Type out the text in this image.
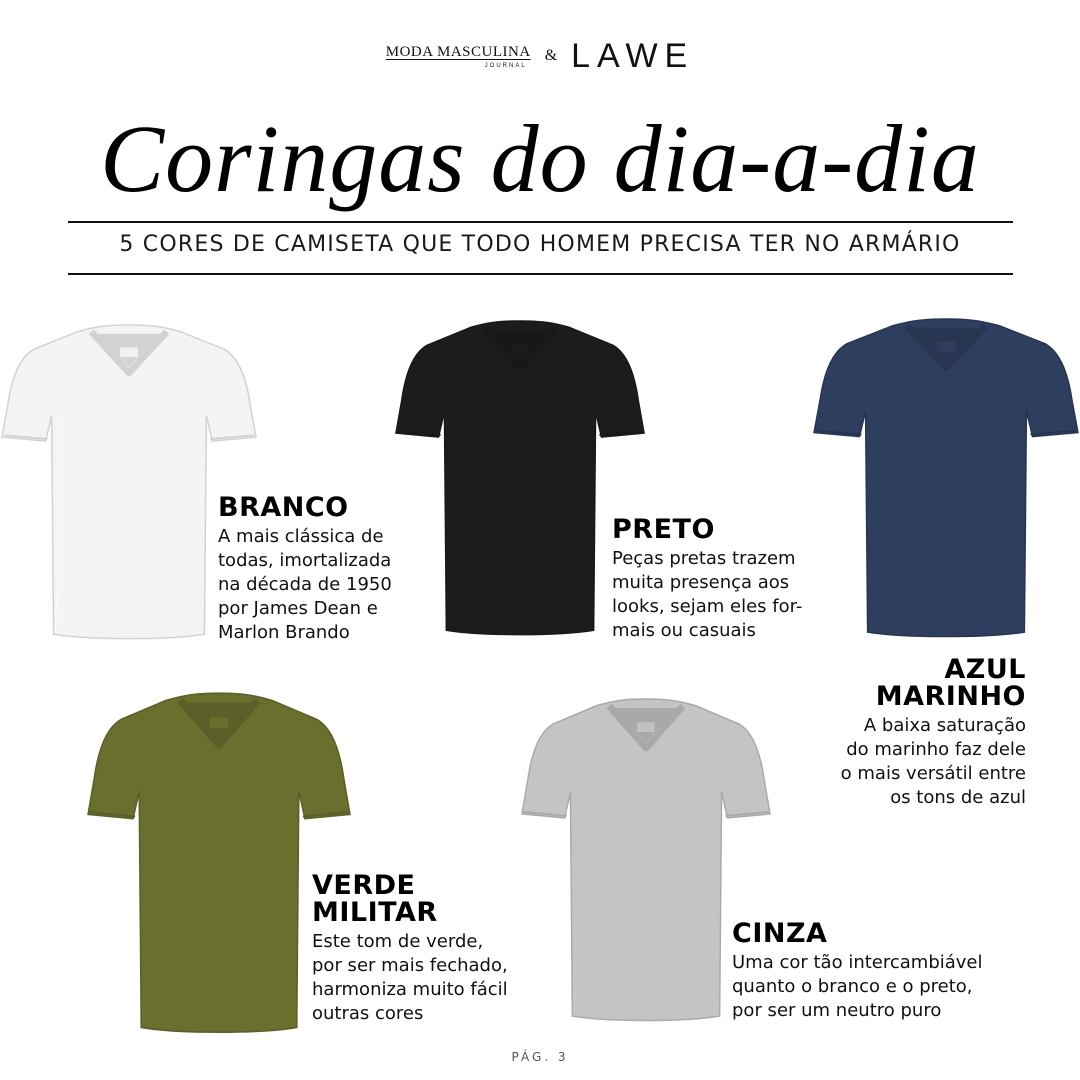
MODA MASCULINA
JOURNAL
& LAWE
Coringas do dia-a-dia
5 CORES DE CAMISETA QUE TODO HOMEM PRECISA TER NO ARMÁRIO
BRANCO
A mais clássica de
todas, imortalizada
na década de 1950
por James Dean e
Marlon Brando
PRETO
Peças pretas trazem
muita presença aos
looks, sejam eles for-
mais ou casuais
AZUL
MARINHO
A baixa saturação
do marinho faz dele
o mais versátil entre
os tons de azul
VERDE
MILITAR
Este tom de verde,
por ser mais fechado,
harmoniza muito fácil
outras cores
CINZA
Uma cor tão intercambiável
quanto o branco e o preto,
por ser um neutro puro
PÁG. 3
